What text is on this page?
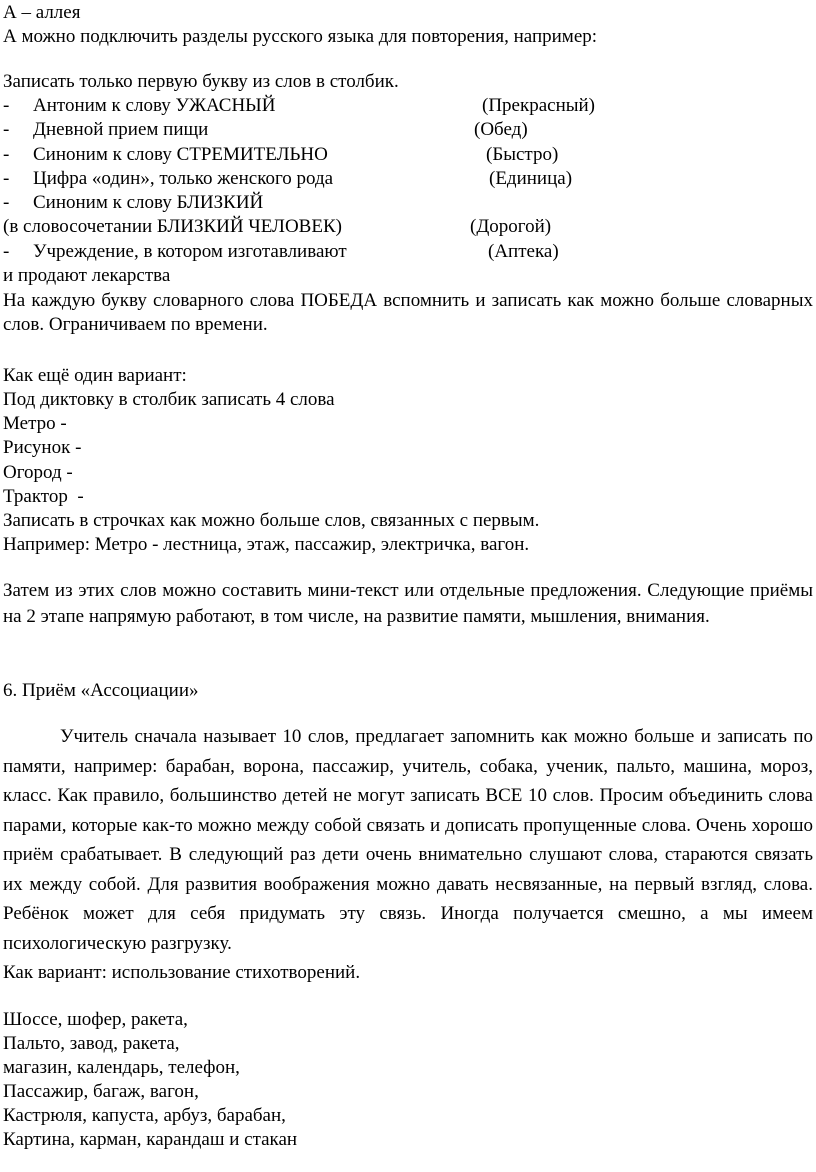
А – аллея
А можно подключить разделы русского языка для повторения, например:
Записать только первую букву из слов в столбик.
- Антоним к слову УЖАСНЫЙ	(Прекрасный)
- Дневной прием пищи	(Обед)
- Синоним к слову СТРЕМИТЕЛЬНО	(Быстро)
- Цифра «один», только женского рода	(Единица)
- Синоним к слову БЛИЗКИЙ
(в словосочетании БЛИЗКИЙ ЧЕЛОВЕК)	(Дорогой)
- Учреждение, в котором изготавливают	(Аптека)
и продают лекарства
На каждую букву словарного слова ПОБЕДА вспомнить и записать как можно больше словарных слов. Ограничиваем по времени.
Как ещё один вариант:
Под диктовку в столбик записать 4 слова
Метро -
Рисунок -
Огород -
Трактор  -
Записать в строчках как можно больше слов, связанных с первым.
Например: Метро - лестница, этаж, пассажир, электричка, вагон.
Затем из этих слов можно составить мини-текст или отдельные предложения. Следующие приёмы на 2 этапе напрямую работают, в том числе, на развитие памяти, мышления, внимания.
6. Приём «Ассоциации»
Учитель сначала называет 10 слов, предлагает запомнить как можно больше и записать по памяти, например: барабан, ворона, пассажир, учитель, собака, ученик, пальто, машина, мороз, класс. Как правило, большинство детей не могут записать ВСЕ 10 слов. Просим объединить слова парами, которые как-то можно между собой связать и дописать пропущенные слова. Очень хорошо приём срабатывает. В следующий раз дети очень внимательно слушают слова, стараются связать их между собой. Для развития воображения можно давать несвязанные, на первый взгляд, слова. Ребёнок может для себя придумать эту связь. Иногда получается смешно, а мы имеем психологическую разгрузку.
Как вариант: использование стихотворений.
Шоссе, шофер, ракета,
Пальто, завод, ракета,
магазин, календарь, телефон,
Пассажир, багаж, вагон,
Кастрюля, капуста, арбуз, барабан,
Картина, карман, карандаш и стакан
